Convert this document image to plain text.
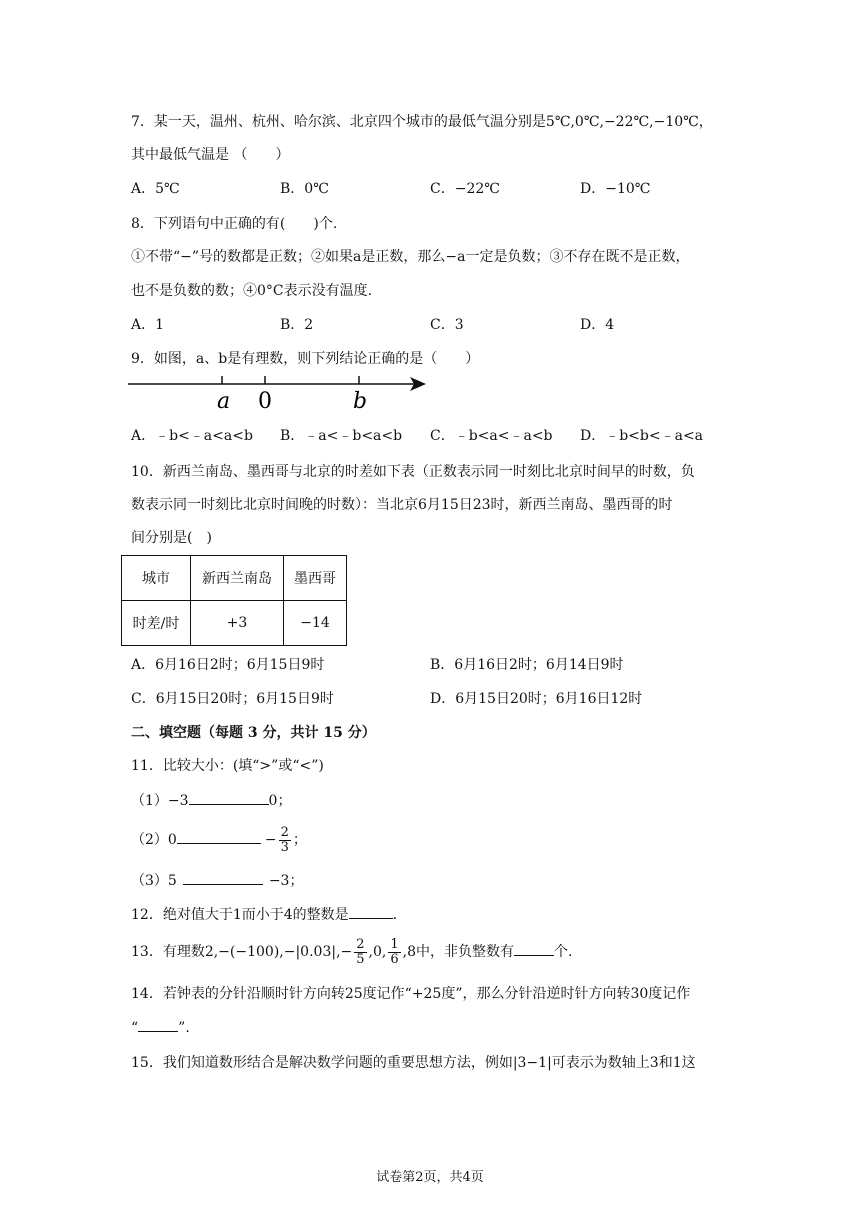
7．某一天，温州、杭州、哈尔滨、北京四个城市的最低气温分别是5℃,0℃,−22℃,−10℃，
其中最低气温是 （　　）
A．5℃	B．0℃	C．−22℃	D．−10℃
8．下列语句中正确的有(　　)个.
①不带“−”号的数都是正数；②如果a是正数，那么−a一定是负数；③不存在既不是正数，
也不是负数的数；④0°C表示没有温度.
A．1	B．2	C．3	D．4
9．如图，a、b是有理数，则下列结论正确的是（　　）
a 0	b
A．﹣b<﹣a<a<b B．﹣a<﹣b<a<b C．﹣b<a<﹣a<b D．﹣b<b<﹣a<a
10．新西兰南岛、墨西哥与北京的时差如下表（正数表示同一时刻比北京时间早的时数，负
数表示同一时刻比北京时间晚的时数）：当北京6月15日23时，新西兰南岛、墨西哥的时
间分别是(　)
城市	新西兰南岛	墨西哥
时差/时	+3	−14
A．6月16日2时；6月15日9时	B．6月16日2时；6月14日9时
C．6月15日20时；6月15日9时	D．6月15日20时；6月16日12时
二、填空题（每题 3 分，共计 15 分）
11．比较大小：(填“>”或“<”)
（1）−3	0；
（2）0	− $\frac{2}{3}$ ；
（3）5	−3；
12．绝对值大于1而小于4的整数是	.
13．有理数$2,-(-100),-|0.03|,- \frac{2}{5} ,0$, $\frac{1}{6} ,8$中，非负整数有	个.
14．若钟表的分针沿顺时针方向转25度记作“+25度”，那么分针沿逆时针方向转30度记作
“	”.
15．我们知道数形结合是解决数学问题的重要思想方法，例如|3−1|可表示为数轴上3和1这
试卷第2页，共4页
